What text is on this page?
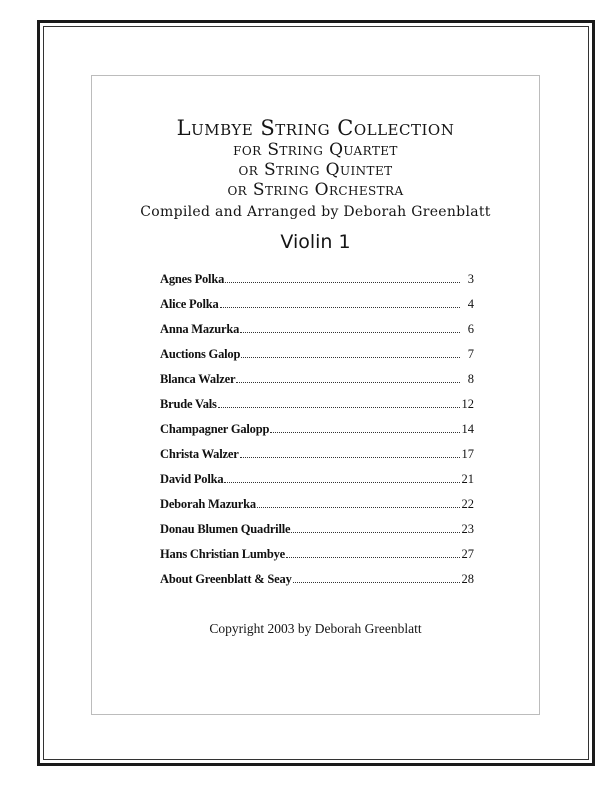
Lumbye String Collection
for String Quartet
or String Quintet
or String Orchestra
Compiled and Arranged by Deborah Greenblatt
Violin 1
Agnes Polka	3
Alice Polka	4
Anna Mazurka	6
Auctions Galop	7
Blanca Walzer	8
Brude Vals	12
Champagner Galopp	14
Christa Walzer	17
David Polka	21
Deborah Mazurka	22
Donau Blumen Quadrille	23
Hans Christian Lumbye	27
About Greenblatt & Seay	28
Copyright 2003 by Deborah Greenblatt
